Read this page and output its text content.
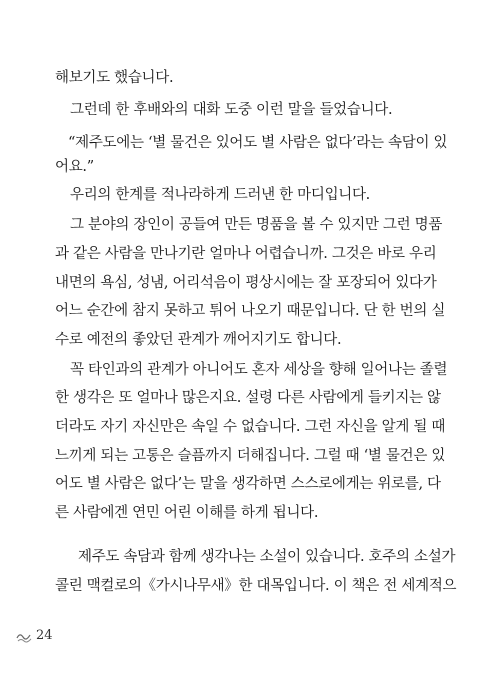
해보기도 했습니다.
그런데 한 후배와의 대화 도중 이런 말을 들었습니다.
“제주도에는 ‘별 물건은 있어도 별 사람은 없다’라는 속담이 있
어요.”
우리의 한계를 적나라하게 드러낸 한 마디입니다.
그 분야의 장인이 공들여 만든 명품을 볼 수 있지만 그런 명품
과 같은 사람을 만나기란 얼마나 어렵습니까. 그것은 바로 우리
내면의 욕심, 성냄, 어리석음이 평상시에는 잘 포장되어 있다가
어느 순간에 참지 못하고 튀어 나오기 때문입니다. 단 한 번의 실
수로 예전의 좋았던 관계가 깨어지기도 합니다.
꼭 타인과의 관계가 아니어도 혼자 세상을 향해 일어나는 졸렬
한 생각은 또 얼마나 많은지요. 설령 다른 사람에게 들키지는 않
더라도 자기 자신만은 속일 수 없습니다. 그런 자신을 알게 될 때
느끼게 되는 고통은 슬픔까지 더해집니다. 그럴 때 ‘별 물건은 있
어도 별 사람은 없다’는 말을 생각하면 스스로에게는 위로를, 다
른 사람에겐 연민 어린 이해를 하게 됩니다.
제주도 속담과 함께 생각나는 소설이 있습니다. 호주의 소설가
콜린 맥컬로의《가시나무새》한 대목입니다. 이 책은 전 세계적으
24
